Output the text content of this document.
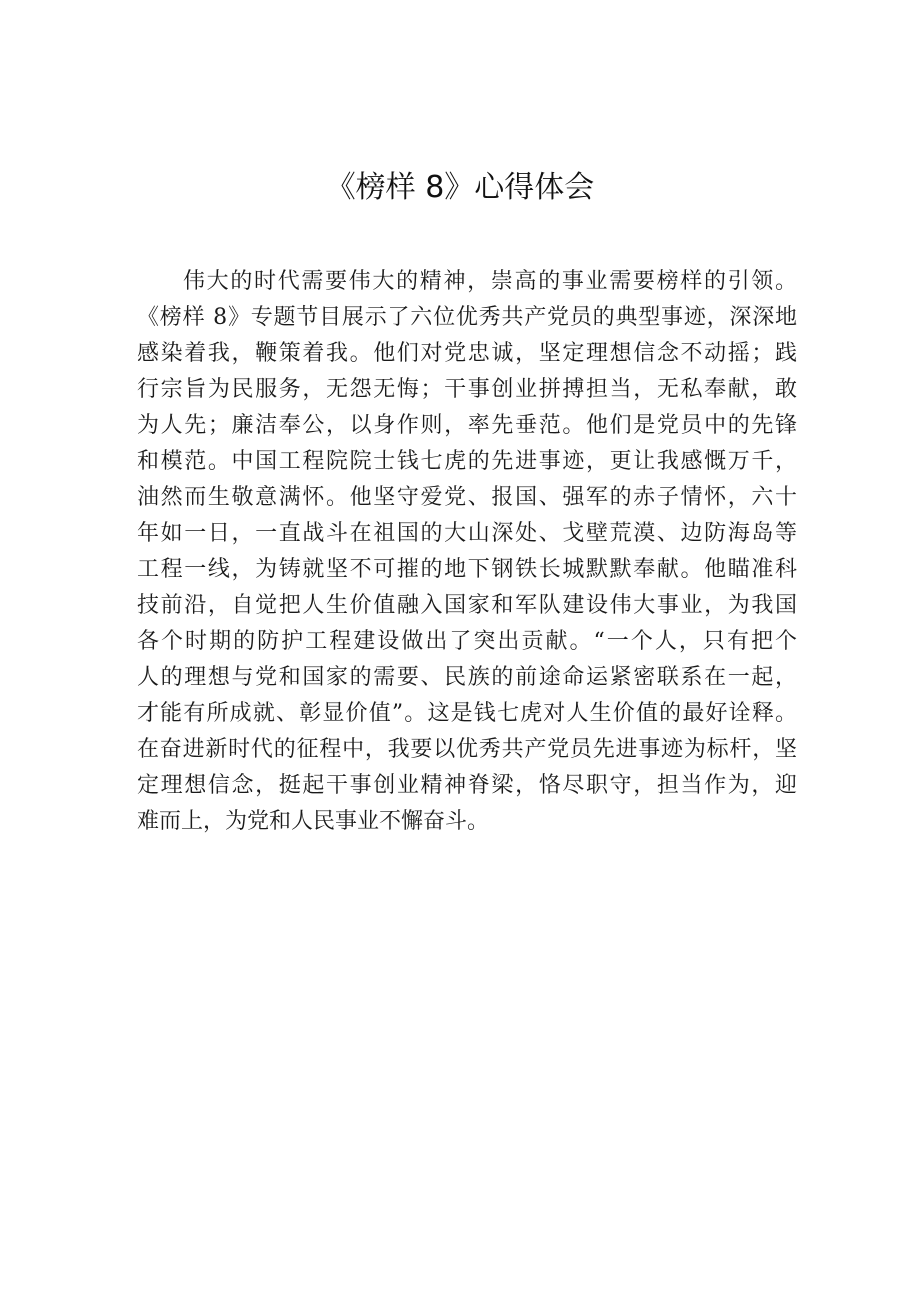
《榜样 8》心得体会
伟大的时代需要伟大的精神，崇高的事业需要榜样的引领。
《榜样 8》专题节目展示了六位优秀共产党员的典型事迹，深深地
感染着我，鞭策着我。他们对党忠诚，坚定理想信念不动摇；践
行宗旨为民服务，无怨无悔；干事创业拼搏担当，无私奉献，敢
为人先；廉洁奉公，以身作则，率先垂范。他们是党员中的先锋
和模范。中国工程院院士钱七虎的先进事迹，更让我感慨万千，
油然而生敬意满怀。他坚守爱党、报国、强军的赤子情怀，六十
年如一日，一直战斗在祖国的大山深处、戈壁荒漠、边防海岛等
工程一线，为铸就坚不可摧的地下钢铁长城默默奉献。他瞄准科
技前沿，自觉把人生价值融入国家和军队建设伟大事业，为我国
各个时期的防护工程建设做出了突出贡献。“一个人，只有把个
人的理想与党和国家的需要、民族的前途命运紧密联系在一起，
才能有所成就、彰显价值”。这是钱七虎对人生价值的最好诠释。
在奋进新时代的征程中，我要以优秀共产党员先进事迹为标杆，坚
定理想信念，挺起干事创业精神脊梁，恪尽职守，担当作为，迎
难而上，为党和人民事业不懈奋斗。
